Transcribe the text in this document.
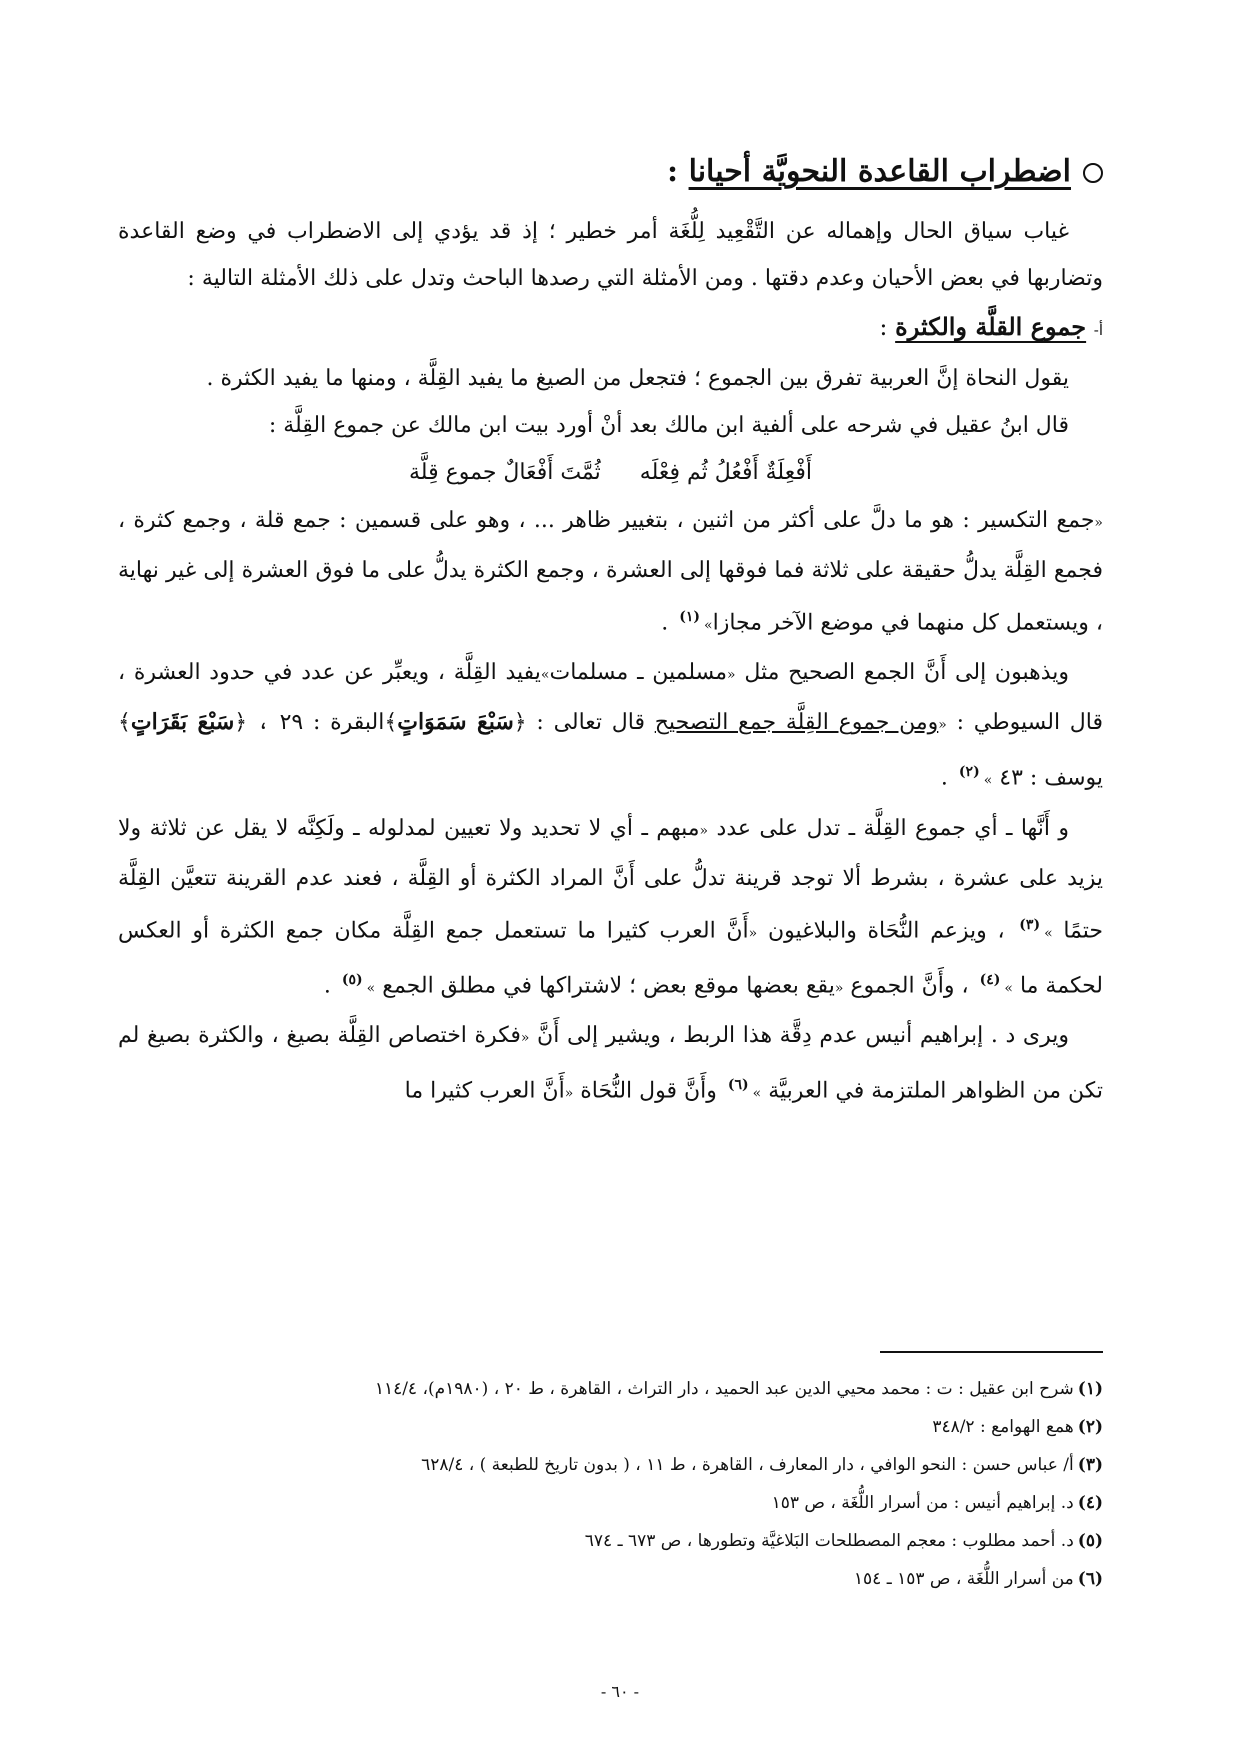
اضطراب القاعدة النحويَّة أحيانا :

غياب سياق الحال وإهماله عن التَّقْعِيد لِلُّغَة أمر خطير ؛ إذ قد يؤدي إلى الاضطراب في وضع القاعدة وتضاربها في بعض الأحيان وعدم دقتها . ومن الأمثلة التي رصدها الباحث وتدل على ذلك الأمثلة التالية :

أ- جموع القلَّة والكثرة :

يقول النحاة إنَّ العربية تفرق بين الجموع ؛ فتجعل من الصيغ ما يفيد القِلَّة ، ومنها ما يفيد الكثرة .

قال ابنُ عقيل في شرحه على ألفية ابن مالك بعد أنْ أورد بيت ابن مالك عن جموع القِلَّة :

أَفْعِلَةٌ أَفْعُلُ ثُم فِعْلَه ثُمَّتَ أَفْعَالٌ جموع قِلَّة

«جمع التكسير : هو ما دلَّ على أكثر من اثنين ، بتغيير ظاهر ... ، وهو على قسمين : جمع قلة ، وجمع كثرة ، فجمع القِلَّة يدلُّ حقيقة على ثلاثة فما فوقها إلى العشرة ، وجمع الكثرة يدلُّ على ما فوق العشرة إلى غير نهاية ، ويستعمل كل منهما في موضع الآخر مجازا»$^{(١)}$ .

ويذهبون إلى أَنَّ الجمع الصحيح مثل «مسلمين ـ مسلمات»يفيد القِلَّة ، ويعبِّر عن عدد في حدود العشرة ، قال السيوطي : «ومن جموع القِلَّة جمع التصحيح قال تعالى : ﴿سَبْعَ سَمَوَاتٍ﴾البقرة : ٢٩ ، ﴿سَبْعَ بَقَرَاتٍ﴾يوسف : ٤٣ »$^{(٢)}$ .

و أَنَّها ـ أي جموع القِلَّة ـ تدل على عدد «مبهم ـ أي لا تحديد ولا تعيين لمدلوله ـ ولَكِنَّه لا يقل عن ثلاثة ولا يزيد على عشرة ، بشرط ألا توجد قرينة تدلُّ على أَنَّ المراد الكثرة أو القِلَّة ، فعند عدم القرينة تتعيَّن القِلَّة حتمًا »$^{(٣)}$ ، ويزعم النُّحَاة والبلاغيون «أَنَّ العرب كثيرا ما تستعمل جمع القِلَّة مكان جمع الكثرة أو العكس لحكمة ما »$^{(٤)}$ ، وأَنَّ الجموع «يقع بعضها موقع بعض ؛ لاشتراكها في مطلق الجمع »$^{(٥)}$ .

ويرى د . إبراهيم أنيس عدم دِقَّة هذا الربط ، ويشير إلى أَنَّ «فكرة اختصاص القِلَّة بصيغ ، والكثرة بصيغ لم تكن من الظواهر الملتزمة في العربيَّة »$^{(٦)}$ وأَنَّ قول النُّحَاة «أَنَّ العرب كثيرا ما

(١)شرح ابن عقيل : ت : محمد محيي الدين عبد الحميد ، دار التراث ، القاهرة ، ط ٢٠ ، (١٩٨٠م)، ١١٤/٤

(٢)همع الهوامع : ٣٤٨/٢

(٣)أ/ عباس حسن : النحو الوافي ، دار المعارف ، القاهرة ، ط ١١ ، ( بدون تاريخ للطبعة ) ، ٦٢٨/٤

(٤)د. إبراهيم أنيس : من أسرار اللُّغَة ، ص ١٥٣

(٥)د. أحمد مطلوب : معجم المصطلحات البَلاغيَّة وتطورها ، ص ٦٧٣ ـ ٦٧٤

(٦)من أسرار اللُّغَة ، ص ١٥٣ ـ ١٥٤

- ٦٠ -
